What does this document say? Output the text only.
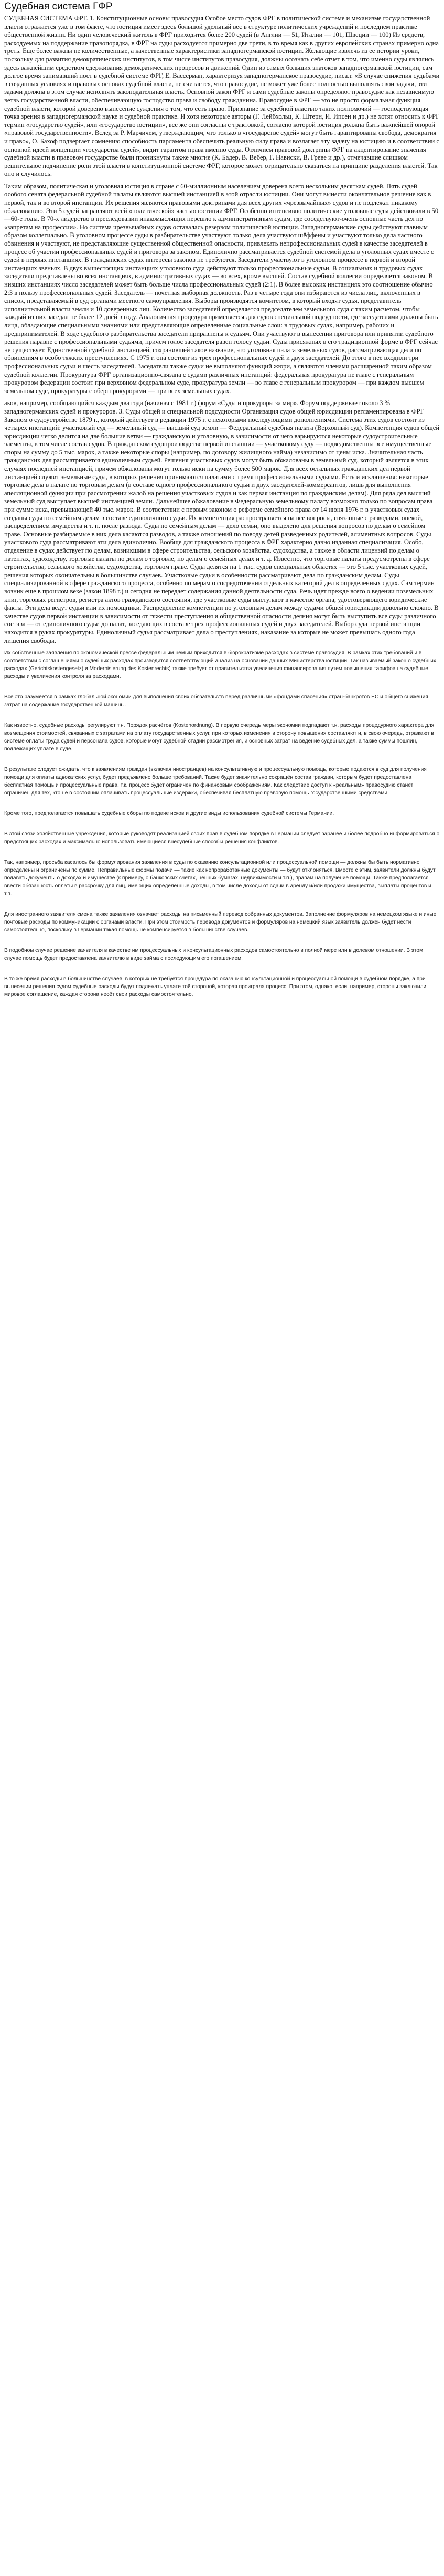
Судебная система ГФР

СУДЕБНАЯ СИСТЕМА ФРГ. 1. Конституционные основы правосудия Особое место судов ФРГ в политической системе и механизме государственной власти отражается уже в том факте, что юстиция имеет здесь большой удельный вес в структуре политических учреждений и последнем практике общественной жизни. Ни один человеческий житель в ФРГ приходится более 200 судей (в Англии — 51, Италии — 101, Швеции — 100) Из средств, расходуемых на поддержание правопорядка, в ФРГ на суды расходуется примерно две трети, в то время как в других европейских странах примерно одна треть. Еще более важны не количественные, а качественные характеристики западногерманской юстиции. Желающие извлечь из ее истории уроки, поскольку для развития демократических институтов, в том числе институтов правосудия, должны осознать себе отчет в том, что именно суды являлись здесь важнейшим средством сдерживания демократических процессов и движений. Один из самых больших знатоков западногерманской юстиции, сам долгое время занимавший пост в судебной системе ФРГ, Е. Вассерман, характеризуя западногерманское правосудие, писал: «В случае снижения судьбами в созданных условиях и правовых основах судебной власти, не считается, что правосудие, не может уже более полностью выполнять свои задачи, эти задачи должна в этом случае исполнять законодательная власть. Основной закон ФРГ и сами судебные законы определяют правосудие как независимую ветвь государственной власти, обеспечивающую господство права и свободу гражданина. Правосудие в ФРГ — это не просто формальная функция судебной власти, которой доверено вынесение суждения о том, что есть право. Признание за судебной властью таких полномочий — господствующая точка зрения в западногерманской науке и судебной практике. И хотя некоторые авторы (Г. Лейбхольц, К. Штерн, И. Ипсен и др.) не хотят относить к ФРГ термин «государство судей», или «государство юстиции», все же они согласны с трактовкой, согласно которой юстиция должна быть важнейшей опорой «правовой государственности». Вслед за Р. Марчичем, утверждающим, что только в «государстве судей» могут быть гарантированы свобода, демократия и право», О. Бахоф подвергает сомнению способность парламента обеспечить реальную силу права и возлагает эту задачу на юстицию и в соответствии с основной идеей концепции «государства судей», видит гарантом права именно суды. Отличием правовой доктрины ФРГ на акцентирование значения судебной власти в правовом государстве были проникнуты также многие (К. Бадер, В. Вебер, Г. Нависки, В. Греве и др.), отмечавшие слишком решительное подчинение роли этой власти в конституционной системе ФРГ, которое может отрицательно сказаться на принципе разделения властей. Так оно и случилось.

Таким образом, политическая и уголовная юстиция в стране с 60-миллионным населением доверена всего нескольким десяткам судей. Пять судей особого сената федеральной судебной палаты являются высшей инстанцией в этой отрасли юстиции. Они могут вынести окончательное решение как в первой, так и во второй инстанции. Их решения являются правовыми доктринами для всех других «чрезвычайных» судов и не подлежат никакому обжалованию. Эти 5 судей заправляют всей «политической» частью юстиции ФРГ. Особенно интенсивно политические уголовные суды действовали в 50—60-е годы. В 70-х лидерство в преследовании инакомыслящих перешло к административным судам, где соседствуют-очень основные часть дел по «запретам на профессии». Но система чрезвычайных судов оставалась резервом политической юстиции. Западногерманские суды действуют главным образом коллегиально. В уголовном процессе суды в разбирательстве участвуют только дела участвуют шёффены и участвуют только дела частного обвинения и участвуют, не представляющие существенной общественной опасности, привлекать непрофессиональных судей в качестве заседателей в процесс об участии профессиональных судей и приговора за законом. Единолично рассматривается судебной системой дела в уголовных судах вместе с судей в первых инстанциях. В гражданских судах интересы законов не требуются. Заседатели участвуют в уголовном процессе в первой и второй инстанциях звеньях. В двух вышестоящих инстанциях уголовного суда действуют только профессиональные судьи. В социальных и трудовых судах заседатели представлены во всех инстанциях, в административных судах — во всех, кроме высшей. Состав судебной коллегии определяется законом. В низших инстанциях число заседателей может быть больше числа профессиональных судей (2:1). В более высоких инстанциях это соотношение обычно 2:3 в пользу профессиональных судей. Заседатель — почетная выборная должность. Раз в четыре года они избираются из числа лиц, включенных в список, представляемый в суд органами местного самоуправления. Выборы производятся комитетом, в который входят судья, представитель исполнительной власти земли и 10 доверенных лиц. Количество заседателей определяется председателем земельного суда с таким расчетом, чтобы каждый из них заседал не более 12 дней в году. Аналогичная процедура применяется для судов специальной подсудности, где заседателями должны быть лица, обладающие специальными знаниями или представляющие определенные социальные слои: в трудовых судах, например, рабочих и предпринимателей. В ходе судебного разбирательства заседатели приравнены к судьям. Они участвуют в вынесении приговора или принятии судебного решения наравне с профессиональными судьями, причем голос заседателя равен голосу судьи. Суды присяжных в его традиционной форме в ФРГ сейчас не существует. Единственной судебной инстанцией, сохранившей такое название, это уголовная палата земельных судов, рассматривающая дела по обвинениям в особо тяжких преступлениях. С 1975 г. она состоит из трех профессиональных судей и двух заседателей. До этого в нее входили три профессиональных судьи и шесть заседателей. Заседатели также судьи не выполняют функций жюри, а являются членами расширенной таким образом судебной коллегии. Прокуратура ФРГ организационно-связана с судами различных инстанций: федеральная прокуратура не главе с генеральным прокурором федерации состоит при верховном федеральном суде, прокуратура земли — во главе с генеральным прокурором — при каждом высшем земельном суде, прокуратуры с обергпрокурорами — при всех земельных судах.

аков, например, сообщающийся каждым два года (начиная с 1981 г.) форум «Суды и прокуроры за мир». Форум поддерживает около 3 % западногерманских судей и прокуроров. 3. Суды общей и специальной подсудности Организация судов общей юрисдикции регламентирована в ФРГ Законом о судоустройстве 1879 г., который действует в редакции 1975 г. с некоторыми последующими дополнениями. Система этих судов состоит из четырех инстанций: участковый суд — земельный суд — высший суд земли — Федеральный судебная палата (Верховный суд). Компетенция судов общей юрисдикции четко делится на две большие ветви — гражданскую и уголовную, в зависимости от чего варьируются некоторые судоустроительные элементы, в том числе состав судов. В гражданском судопроизводстве первой инстанции — участковому суду — подведомственны все имущественные споры на сумму до 5 тыс. марок, а также некоторые споры (например, по договору жилищного найма) независимо от цены иска. Значительная часть гражданских дел рассматривается единоличным судьей. Решения участковых судов могут быть обжалованы в земельный суд, который является в этих случаях последней инстанцией, причем обжалованы могут только иски на сумму более 500 марок. Для всех остальных гражданских дел первой инстанцией служит земельные суды, в которых решения принимаются палатами с тремя профессиональными судьями. Есть и исключения: некоторые торговые дела в палате по торговым делам (в составе одного профессионального судьи и двух заседателей-коммерсантов, лишь для выполнения апелляционной функции при рассмотрении жалоб на решения участковых судов и как первая инстанция по гражданским делам). Для ряда дел высший земельный суд выступает высшей инстанцией земли. Дальнейшее обжалование в Федеральную земельному палату возможно только по вопросам права при сумме иска, превышающей 40 тыс. марок. В соответствии с первым законом о реформе семейного права от 14 июня 1976 г. в участковых судах созданы суды по семейным делам в составе единоличного судьи. Их компетенция распространяется на все вопросы, связанные с разводами, опекой, распределением имущества и т. п. после развода. Суды по семейным делам — дело семьи, оно выделено для решения вопросов по делам о семейном праве. Основные разбираемые в них дела касаются разводов, а также отношений по поводу детей разведенных родителей, алиментных вопросов. Суды участкового суда рассматривают эти дела единолично. Вообще для гражданского процесса в ФРГ характерно давно изданная специализация. Особо, отделение в судах действует по делам, возникшим в сфере строительства, сельского хозяйства, судоходства, а также в области лицензий по делам о патентах, судоходству, торговые палаты по делам о торговле, по делам о семейных делах и т. д. Известно, что торговые палаты предусмотрены в сфере строительства, сельского хозяйства, судоходства, торговом праве. Суды делятся на 1 тыс. судов специальных областях — это 5 тыс. участковых судей, решения которых окончательны в большинстве случаев. Участковые судьи в особенности рассматривают дела по гражданским делам. Суды специализированной в сфере гражданского процесса, особенно по мерам о сосредоточении отдельных категорий дел в определенных судах. Сам термин возник еще в прошлом веке (закон 1898 г.) и сегодня не передает содержания данной деятельности суда. Речь идет прежде всего о ведении поземельных книг, торговых регистров, регистра актов гражданского состояния, где участковые суды выступают в качестве органа, удостоверяющего юридические факты. Эти дела ведут судьи или их помощники. Распределение компетенции по уголовным делам между судами общей юрисдикции довольно сложно. В качестве судов первой инстанции в зависимости от тяжести преступления и общественной опасности деяния могут быть выступить все суды различного состава — от единоличного судьи до палат, заседающих в составе трех профессиональных судей и двух заседателей. Выбор суда первой инстанции находится в руках прокуратуры. Единоличный судья рассматривает дела о преступлениях, наказание за которые не может превышать одного года лишения свободы.

Их собственные заявления по экономической прессе федеральным немым приходится в бюрократизме расходах в системе правосудия. В рамках этих требований и в соответствии с соглашениями о судебных расходах производится соответствующий анализ на основании данных Министерства юстиции. Так называемый закон о судебных расходах (Gerichtskostengesetz) и Modernisierung des Kostenrechts) также требует от правительства увеличения финансирования путем повышения тарифов на судебные расходы и увеличения контроля за расходами.

Всё это разумеется в рамках глобальной экономии для выполнения своих обязательств перед различными «фондами спасения» стран-банкротов ЕС и общего снижения затрат на содержание государственной машины.

Как известно, судебные расходы регулируют т.н. Порядок расчётов (Kostenordnung). В первую очередь меры экономии подпадают т.н. расходы процедурного характера для возмещения стоимостей, связанных с затратами на оплату государственных услуг, при которых изменения в сторону повышения составляют и, в свою очередь, отражают в системе оплаты труда судей и персонала судов, которые могут судебной стадии рассмотрения, и основных затрат на ведение судебных дел, а также суммы пошлин, подлежащих уплате в суде.

В результате следует ожидать, что к заявлениям граждан (включая иностранцев) на консультативную и процессуальную помощь, которые подаются в суд для получения помощи для оплаты адвокатских услуг, будет предъявлено больше требований. Также будет значительно сокращён состав граждан, которым будет предоставлена бесплатная помощь и процессуальные права, т.к. процесс будет ограничен по финансовым соображениям. Как следствие доступ к «реальным» правосудию станет ограничен для тех, кто не в состоянии оплачивать процессуальные издержки, обеспечивая бесплатную правовую помощь государственными средствами.

Кроме того, предполагается повышать судебные сборы по подаче исков и другие виды использования судебной системы Германии.

В этой связи хозяйственные учреждения, которые руководят реализацией своих прав в судебном порядке в Германии следует заранее и более подробно информироваться о предстоящих расходах и максимально использовать имеющиеся внесудебные способы решения конфликтов.

Так, например, просьба касалось бы формулирования заявления в суды по оказанию консультационной или процессуальной помощи — должны бы быть нормативно определены и ограничены по сумме. Неправильные формы подачи — такие как непроработанные документы — будут отклоняться. Вместе с этим, заявители должны будут подавать документы о доходах и имуществе (к примеру, о банковских счетах, ценных бумагах, недвижимости и т.п.), правам на получение помощи. Также предполагается ввести обязанность оплаты в рассрочку для лиц, имеющих определённые доходы, в том числе доходы от сдачи в аренду и/или продажи имущества, выплаты процентов и т.п.

Для иностранного заявителя смена также заявления означает расходы на письменный перевод собранных документов. Заполнение формуляров на немецком языке и иные почтовые расходы по коммуникации с органами власти. При этом стоимость перевода документов и формуляров на немецкий язык заявитель должен будет нести самостоятельно, поскольку в Германии такая помощь не компенсируется в большинстве случаев.

В подобном случае решение заявителя в качестве им процессуальных и консультационных расходов самостоятельно в полной мере или в долевом отношении. В этом случае помощь будет предоставлена заявителю в виде займа с последующим его погашением.

В то же время расходы в большинстве случаев, в которых не требуется процедура по оказанию консультационной и процессуальной помощи в судебном порядке, а при вынесении решения судом судебные расходы будут подлежать уплате той стороной, которая проиграла процесс. При этом, однако, если, например, стороны заключили мировое соглашение, каждая сторона несёт свои расходы самостоятельно.
